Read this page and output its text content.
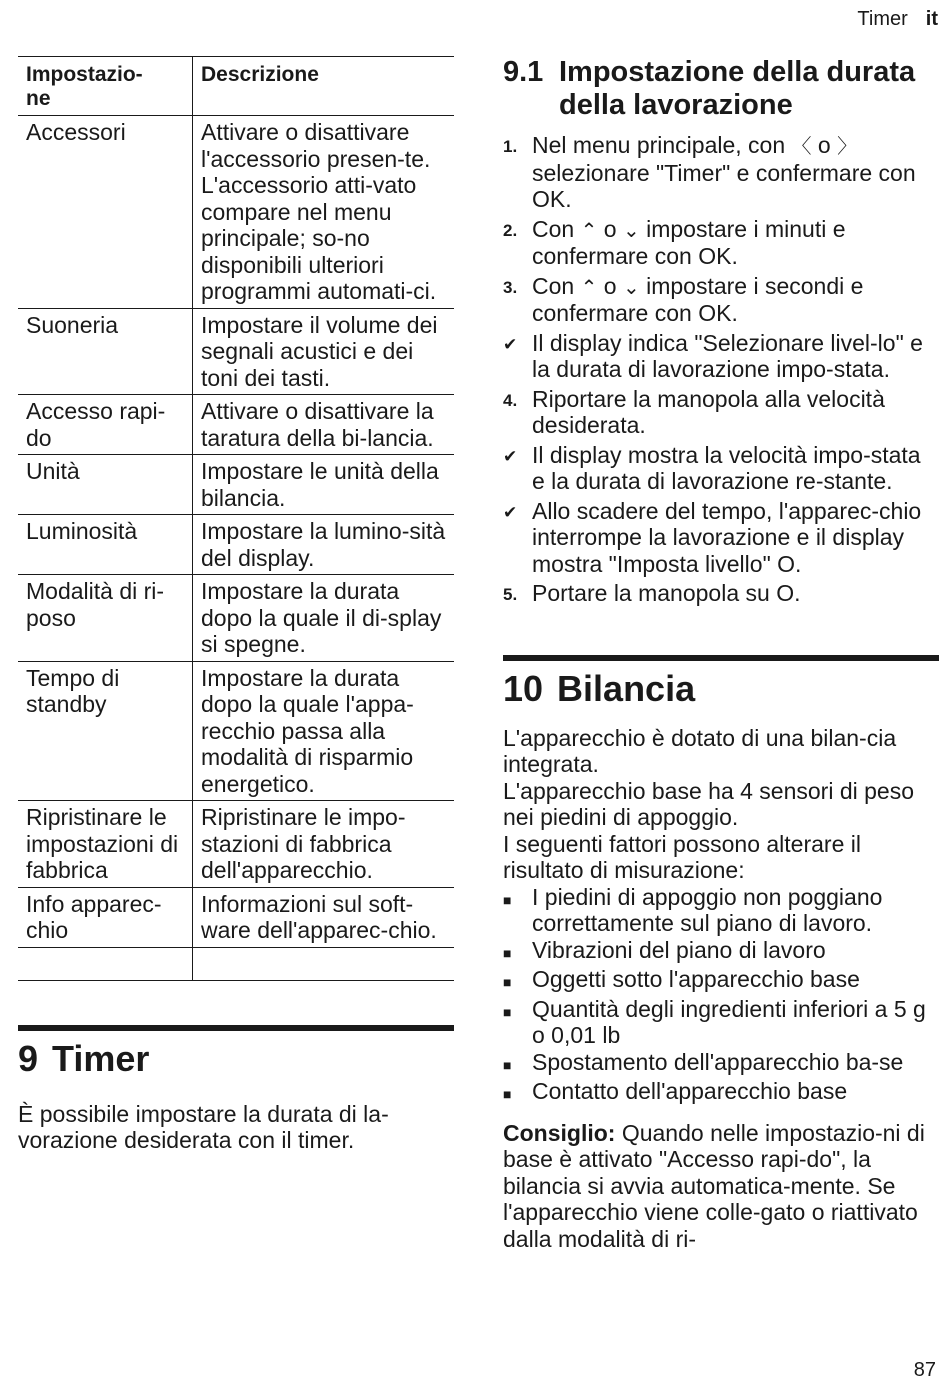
Timer it
Impostazio-
ne	Descrizione
Accessori	Attivare o disattivare l'accessorio presen-te. L'accessorio atti-vato compare nel menu principale; so-no disponibili ulteriori programmi automati-ci.
Suoneria	Impostare il volume dei segnali acustici e dei toni dei tasti.
Accesso rapi-do	Attivare o disattivare la taratura della bi-lancia.
Unità	Impostare le unità della bilancia.
Luminosità	Impostare la lumino-sità del display.
Modalità di ri-poso	Impostare la durata dopo la quale il di-splay si spegne.
Tempo di standby	Impostare la durata dopo la quale l'appa-recchio passa alla modalità di risparmio energetico.
Ripristinare le impostazioni di fabbrica	Ripristinare le impo-stazioni di fabbrica dell'apparecchio.
Info apparec-chio	Informazioni sul soft-ware dell'apparec-chio.

9 Timer

È possibile impostare la durata di la-vorazione desiderata con il timer.

9.1 Impostazione della durata della lavorazione
1. Nel menu principale, con 〈 o 〉 selezionare "Timer" e confermare con OK.
2. Con ⌃ o ⌄ impostare i minuti e confermare con OK.
3. Con ⌃ o ⌄ impostare i secondi e confermare con OK.
✔ Il display indica "Selezionare livel-lo" e la durata di lavorazione impo-stata.
4. Riportare la manopola alla velocità desiderata.
✔ Il display mostra la velocità impo-stata e la durata di lavorazione re-stante.
✔ Allo scadere del tempo, l'apparec-chio interrompe la lavorazione e il display mostra "Imposta livello" O.
5. Portare la manopola su O.
10 Bilancia

L'apparecchio è dotato di una bilan-cia integrata.

L'apparecchio base ha 4 sensori di peso nei piedini di appoggio.

I seguenti fattori possono alterare il risultato di misurazione:

■ I piedini di appoggio non poggiano correttamente sul piano di lavoro.
■ Vibrazioni del piano di lavoro
■ Oggetti sotto l'apparecchio base
■ Quantità degli ingredienti inferiori a 5 g o 0,01 lb
■ Spostamento dell'apparecchio ba-se
■ Contatto dell'apparecchio base

Consiglio: Quando nelle impostazio-ni di base è attivato "Accesso rapi-do", la bilancia si avvia automatica-mente. Se l'apparecchio viene colle-gato o riattivato dalla modalità di ri-

87
